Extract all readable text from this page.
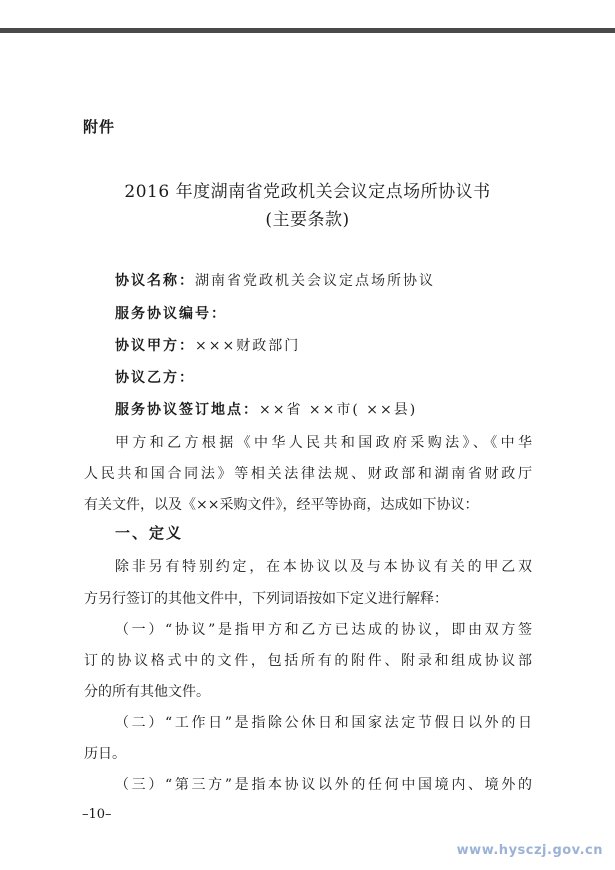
附件
2016 年度湖南省党政机关会议定点场所协议书
(主要条款)
协议名称：湖南省党政机关会议定点场所协议
服务协议编号：
协议甲方：×××财政部门
协议乙方：
服务协议签订地点：××省 ××市( ××县)
甲方和乙方根据《中华人民共和国政府采购法》、《中华
人民共和国合同法》等相关法律法规、财政部和湖南省财政厅
有关文件，以及《××采购文件》，经平等协商，达成如下协议：
一、定义
除非另有特别约定，在本协议以及与本协议有关的甲乙双
方另行签订的其他文件中，下列词语按如下定义进行解释：
（一）“协议”是指甲方和乙方已达成的协议，即由双方签
订的协议格式中的文件，包括所有的附件、附录和组成协议部
分的所有其他文件。
（二）“工作日”是指除公休日和国家法定节假日以外的日
历日。
（三）“第三方”是指本协议以外的任何中国境内、境外的
–10–
www.hysczj.gov.cn
